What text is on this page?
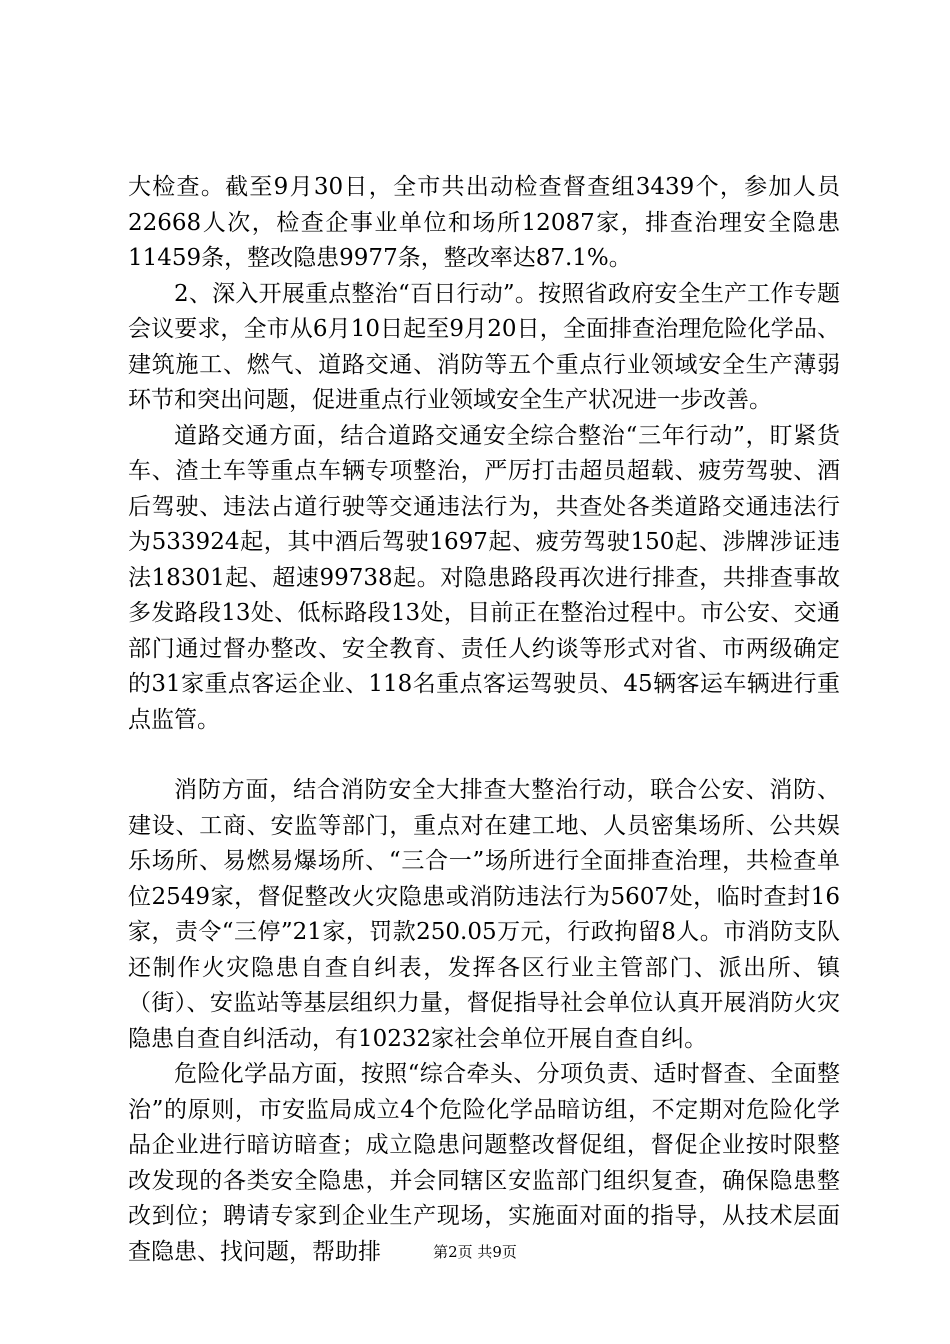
大检查。截至9月30日，全市共出动检查督查组3439个，参加人员22668人次，检查企事业单位和场所12087家，排查治理安全隐患11459条，整改隐患9977条，整改率达87.1%。

2、深入开展重点整治“百日行动”。按照省政府安全生产工作专题会议要求，全市从6月10日起至9月20日，全面排查治理危险化学品、建筑施工、燃气、道路交通、消防等五个重点行业领域安全生产薄弱环节和突出问题，促进重点行业领域安全生产状况进一步改善。

道路交通方面，结合道路交通安全综合整治“三年行动”，盯紧货车、渣土车等重点车辆专项整治，严厉打击超员超载、疲劳驾驶、酒后驾驶、违法占道行驶等交通违法行为，共查处各类道路交通违法行为533924起，其中酒后驾驶1697起、疲劳驾驶150起、涉牌涉证违法18301起、超速99738起。对隐患路段再次进行排查，共排查事故多发路段13处、低标路段13处，目前正在整治过程中。市公安、交通部门通过督办整改、安全教育、责任人约谈等形式对省、市两级确定的31家重点客运企业、118名重点客运驾驶员、45辆客运车辆进行重点监管。

消防方面，结合消防安全大排查大整治行动，联合公安、消防、建设、工商、安监等部门，重点对在建工地、人员密集场所、公共娱乐场所、易燃易爆场所、“三合一”场所进行全面排查治理，共检查单位2549家，督促整改火灾隐患或消防违法行为5607处，临时查封16家，责令“三停”21家，罚款250.05万元，行政拘留8人。市消防支队还制作火灾隐患自查自纠表，发挥各区行业主管部门、派出所、镇（街）、安监站等基层组织力量，督促指导社会单位认真开展消防火灾隐患自查自纠活动，有10232家社会单位开展自查自纠。

危险化学品方面，按照“综合牵头、分项负责、适时督查、全面整治”的原则，市安监局成立4个危险化学品暗访组，不定期对危险化学品企业进行暗访暗查；成立隐患问题整改督促组，督促企业按时限整改发现的各类安全隐患，并会同辖区安监部门组织复查，确保隐患整改到位；聘请专家到企业生产现场，实施面对面的指导，从技术层面查隐患、找问题，帮助排	第2页 共9页
